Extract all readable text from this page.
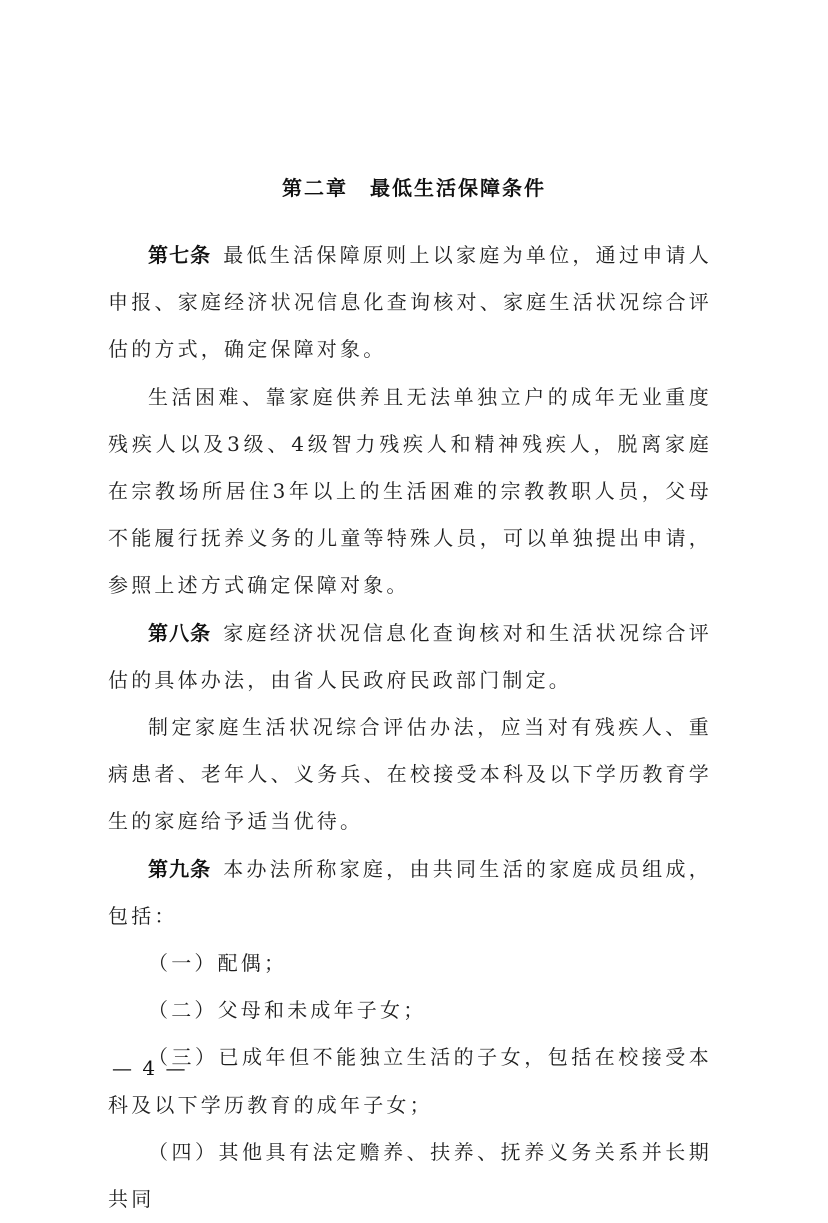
第二章　最低生活保障条件

第七条 最低生活保障原则上以家庭为单位，通过申请人申报、家庭经济状况信息化查询核对、家庭生活状况综合评估的方式，确定保障对象。

生活困难、靠家庭供养且无法单独立户的成年无业重度残疾人以及3级、4级智力残疾人和精神残疾人，脱离家庭在宗教场所居住3年以上的生活困难的宗教教职人员，父母不能履行抚养义务的儿童等特殊人员，可以单独提出申请，参照上述方式确定保障对象。

第八条 家庭经济状况信息化查询核对和生活状况综合评估的具体办法，由省人民政府民政部门制定。

制定家庭生活状况综合评估办法，应当对有残疾人、重病患者、老年人、义务兵、在校接受本科及以下学历教育学生的家庭给予适当优待。

第九条 本办法所称家庭，由共同生活的家庭成员组成，包括：

（一）配偶；

（二）父母和未成年子女；

（三）已成年但不能独立生活的子女，包括在校接受本科及以下学历教育的成年子女；

（四）其他具有法定赡养、扶养、抚养义务关系并长期共同

— 4 —
